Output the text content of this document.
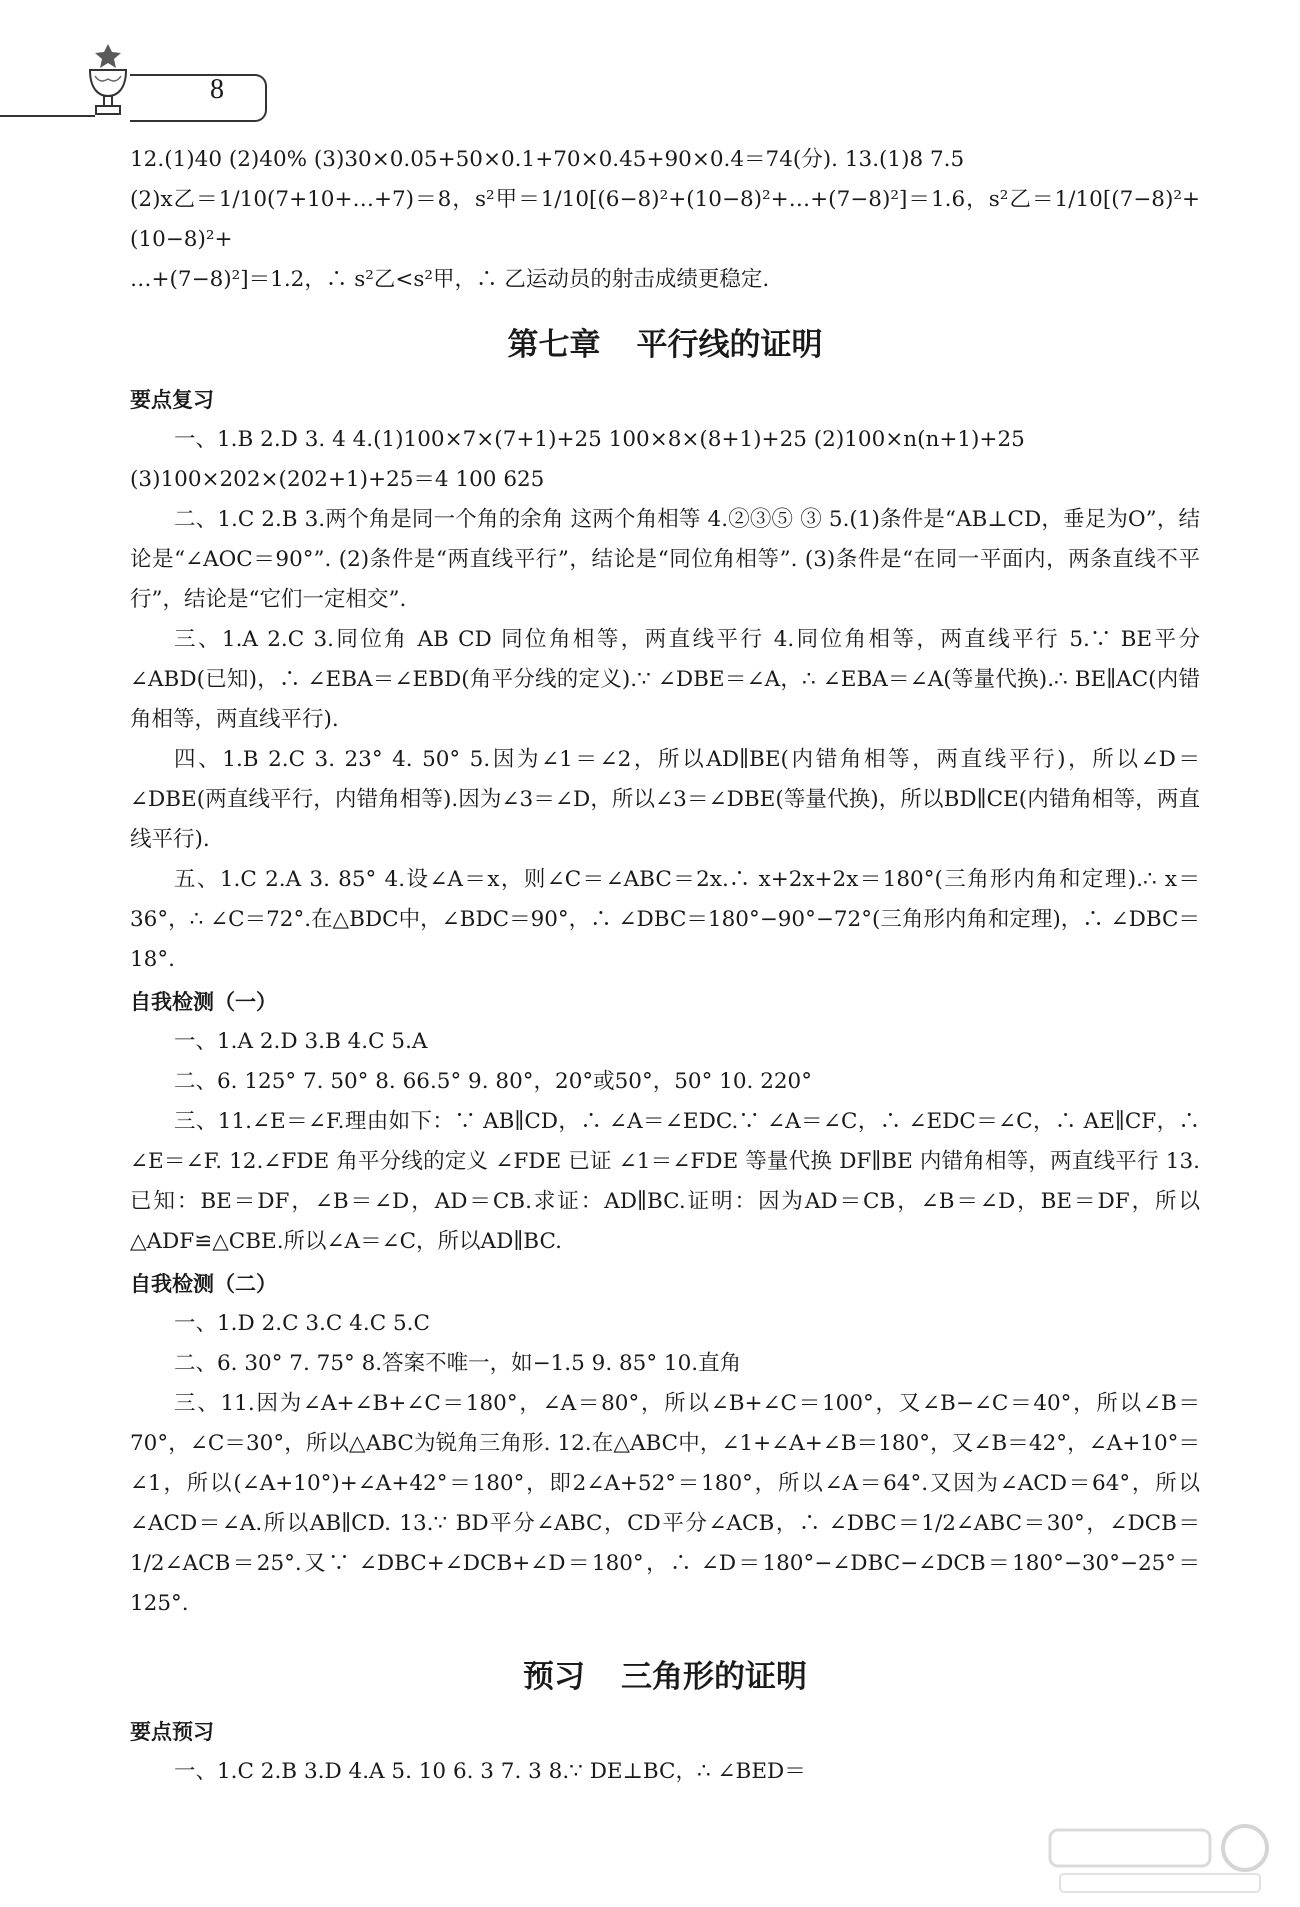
8

12.(1)40 (2)40% (3)30×0.05+50×0.1+70×0.45+90×0.4＝74(分). 13.(1)8 7.5

(2)x乙＝1/10(7+10+…+7)＝8，s²甲＝1/10[(6−8)²+(10−8)²+…+(7−8)²]＝1.6，s²乙＝1/10[(7−8)²+(10−8)²+

…+(7−8)²]＝1.2，∴ s²乙<s²甲，∴ 乙运动员的射击成绩更稳定.

第七章 平行线的证明
要点复习

一、1.B 2.D 3. 4 4.(1)100×7×(7+1)+25 100×8×(8+1)+25 (2)100×n(n+1)+25

(3)100×202×(202+1)+25＝4 100 625

二、1.C 2.B 3.两个角是同一个角的余角 这两个角相等 4.②③⑤ ③ 5.(1)条件是“AB⊥CD，垂足为O”，结论是“∠AOC＝90°”. (2)条件是“两直线平行”，结论是“同位角相等”. (3)条件是“在同一平面内，两条直线不平行”，结论是“它们一定相交”.

三、1.A 2.C 3.同位角 AB CD 同位角相等，两直线平行 4.同位角相等，两直线平行 5.∵ BE平分∠ABD(已知)，∴ ∠EBA＝∠EBD(角平分线的定义).∵ ∠DBE＝∠A，∴ ∠EBA＝∠A(等量代换).∴ BE∥AC(内错角相等，两直线平行).

四、1.B 2.C 3. 23° 4. 50° 5.因为∠1＝∠2，所以AD∥BE(内错角相等，两直线平行)，所以∠D＝∠DBE(两直线平行，内错角相等).因为∠3＝∠D，所以∠3＝∠DBE(等量代换)，所以BD∥CE(内错角相等，两直线平行).

五、1.C 2.A 3. 85° 4.设∠A＝x，则∠C＝∠ABC＝2x.∴ x+2x+2x＝180°(三角形内角和定理).∴ x＝36°，∴ ∠C＝72°.在△BDC中，∠BDC＝90°，∴ ∠DBC＝180°−90°−72°(三角形内角和定理)，∴ ∠DBC＝18°.

自我检测（一）

一、1.A 2.D 3.B 4.C 5.A

二、6. 125° 7. 50° 8. 66.5° 9. 80°，20°或50°，50° 10. 220°

三、11.∠E＝∠F.理由如下：∵ AB∥CD，∴ ∠A＝∠EDC.∵ ∠A＝∠C，∴ ∠EDC＝∠C，∴ AE∥CF，∴ ∠E＝∠F. 12.∠FDE 角平分线的定义 ∠FDE 已证 ∠1＝∠FDE 等量代换 DF∥BE 内错角相等，两直线平行 13.已知：BE＝DF，∠B＝∠D，AD＝CB.求证：AD∥BC.证明：因为AD＝CB，∠B＝∠D，BE＝DF，所以△ADF≌△CBE.所以∠A＝∠C，所以AD∥BC.

自我检测（二）

一、1.D 2.C 3.C 4.C 5.C

二、6. 30° 7. 75° 8.答案不唯一，如−1.5 9. 85° 10.直角

三、11.因为∠A+∠B+∠C＝180°，∠A＝80°，所以∠B+∠C＝100°，又∠B−∠C＝40°，所以∠B＝70°，∠C＝30°，所以△ABC为锐角三角形. 12.在△ABC中，∠1+∠A+∠B＝180°，又∠B＝42°，∠A+10°＝∠1，所以(∠A+10°)+∠A+42°＝180°，即2∠A+52°＝180°，所以∠A＝64°.又因为∠ACD＝64°，所以∠ACD＝∠A.所以AB∥CD. 13.∵ BD平分∠ABC，CD平分∠ACB，∴ ∠DBC＝1/2∠ABC＝30°，∠DCB＝1/2∠ACB＝25°.又∵ ∠DBC+∠DCB+∠D＝180°，∴ ∠D＝180°−∠DBC−∠DCB＝180°−30°−25°＝125°.

预习 三角形的证明
要点预习

一、1.C 2.B 3.D 4.A 5. 10 6. 3 7. 3 8.∵ DE⊥BC，∴ ∠BED＝
